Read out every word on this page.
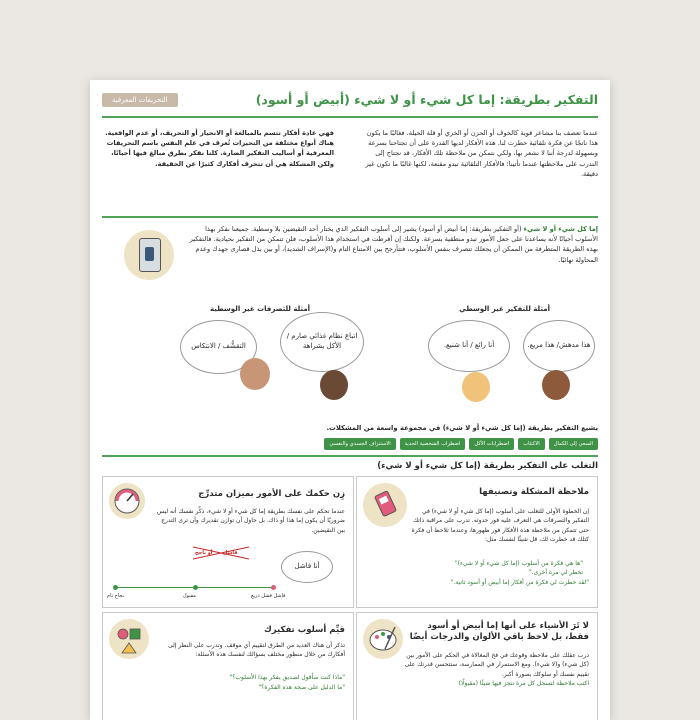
التحريفات المعرفية	التفكير بطريقة: إما كل شيء أو لا شيء (أبيض أو أسود)

عندما تعصف بنا مشاعر قوية كالخوف أو الحزن أو الخزي أو قلة الحيلة، فغالبًا ما يكون هذا ناتجًا عن فكرة تلقائية خطرت لنا. هذه الأفكار لديها القدرة على أن تجتاحنا بسرعة وبسهولة لدرجة أننا لا نشعر بها، ولكي نتمكن من ملاحظة تلك الأفكار، قد نحتاج إلى التدرب على ملاحظتها عندما تأتينا؛ فالأفكار التلقائية تبدو مقنعة، لكنها غالبًا ما تكون غير دقيقة.

فهي عادة أفكار تتسم بالمبالغة أو الانحياز أو التحريف، أو عدم الواقعية. هناك أنواع مختلفة من التحيزات تُعرف في علم النفس باسم التحريفات المعرفية أو أساليب التفكير الضارة. كلنا نفكر بطرق مبالغ فيها أحيانًا، ولكن المشكلة هي أن تتحرف أفكارك كثيرًا عن الحقيقة.

إما كل شيء أو لا شيء (أو التفكير بطريقة: إما أبيض أو أسود) يشير إلى أسلوب التفكير الذي يختار أحد النقيضين بلا وسطية. جميعنا نفكر بهذا الأسلوب أحيانًا لأنه يساعدنا على جعل الأمور تبدو منطقية بسرعة. ولكنك إن أفرطت في استخدام هذا الأسلوب، فلن تتمكن من التفكير بحيادية. فالتفكير بهذه الطريقة المتطرفة من الممكن أن يجعلك تتصرف بنفس الأسلوب، فتتأرجح بين الامتناع التام و(الإسراف الشديد)، أو بين بذل قصارى جهدك وعدم المحاولة نهائيًا.

أمثلة للتفكير غير الوسطي
أمثلة للتصرفات غير الوسطية
هذا مدهش/ هذا مريع.
أنا رائع / أنا شنيع.
اتباع نظام غذائي صارم / الأكل بشراهة
التقشُّف / الانتكاس

يشيع التفكير بطريقة (إما كل شيء أو لا شيء) في مجموعة واسعة من المشكلات.

السعي إلى الكمال
الاكتئاب
اضطرابات الأكل
اضطراب الشخصية الحدية
الاستنزاف الجسدي والنفسي

التغلب على التفكير بطريقة (إما كل شيء أو لا شيء)

ملاحظة المشكلة وتصنيفها

إن الخطوة الأولى للتغلب على أسلوب (إما كل شيء أو لا شيء) في التفكير والتصرفات هي التعرف عليه فور حدوثه. تدرب على مراقبة ذاتك حتى تتمكن من ملاحظة هذه الأفكار فور ظهورها، وعندما تلاحظ أن فكرة كتلك قد خطرت لك، قل شيئًا لنفسك مثل:

"ها هي فكرة من أسلوب (إما كل شيء أو لا شيء)"

تخطر لي مرة أخرى."

"لقد خطرت لي فكرة من أفكار إما أبيض أو أسود ثانية."

زِن حكمك على الأمور بميزان متدرِّج

عندما تحكم على نفسك بطريقة إما كل شيء أو لا شيء، ذكِّر نفسك أنه ليس ضروريًا أن يكون إما هذا أو ذاك. بل حاول أن توازن تقديرك وأن ترى التدرج بين النقيضين.

أنا فاشل
فاشل
أو ناجح
نجاح تام	مقبول	فاشل فشل ذريع
لا تَرَ الأشياء على أنها إما أبيض أو أسود فقط، بل لاحظ باقي الألوان والدرجات أيضًا

درب عقلك على ملاحظة وقوعك في فخ المغالاة في الحكم على الأمور بين (كل شيء) و(لا شيء). ومع الاستمرار في الممارسة، ستتحسن قدرتك على تقييم نفسك أو سلوكك بصورة أكبر.

اكتب ملاحظة لتسجل كل مرة تنجز فيها شيئًا (مقبولًا)

قيِّم أسلوب تفكيرك

تذكر أن هناك العديد من الطرق لتقييم أي موقف. وتدرب على النظر إلى أفكارك من خلال منظور مختلف بسؤالك لنفسك هذه الأسئلة:

"ماذا كنت سأقول لصديق يفكر بهذا الأسلوب؟"

"ما الدليل على صحة هذه الفكرة؟"
